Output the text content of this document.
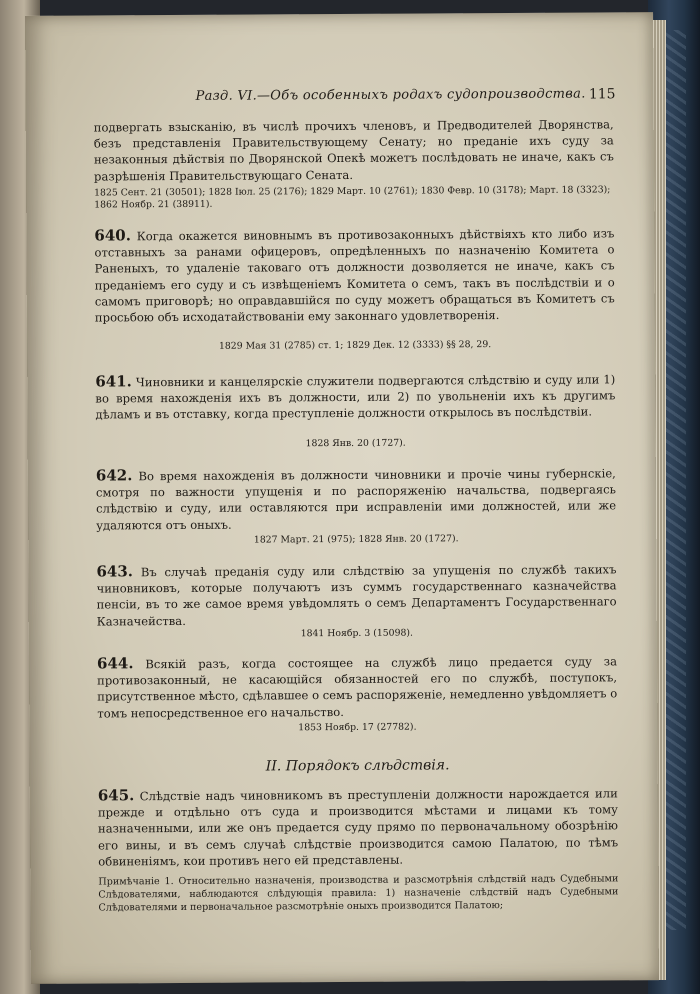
Разд. VI.—Объ особенныхъ родахъ судопроизводства. 115
подвергать взысканію, въ числѣ прочихъ членовъ, и Предводителей Дворянства, безъ представленія Правительствующему Сенату; но преданіе ихъ суду за незаконныя дѣйствія по Дворянской Опекѣ можетъ послѣдовать не иначе, какъ съ разрѣшенія Правительствующаго Сената.
1825 Сент. 21 (30501); 1828 Іюл. 25 (2176); 1829 Март. 10 (2761); 1830 Февр. 10 (3178); Март. 18 (3323); 1862 Ноябр. 21 (38911).
640. Когда окажется виновнымъ въ противозаконныхъ дѣйствіяхъ кто либо изъ отставныхъ за ранами офицеровъ, опредѣленныхъ по назначенію Комитета о Раненыхъ, то удаленіе таковаго отъ должности дозволяется не иначе, какъ съ преданіемъ его суду и съ извѣщеніемъ Комитета о семъ, такъ въ послѣдствіи и о самомъ приговорѣ; но оправдавшійся по суду можетъ обращаться въ Комитетъ съ просьбою объ исходатайствованіи ему законнаго удовлетворенія.
1829 Мая 31 (2785) ст. 1; 1829 Дек. 12 (3333) §§ 28, 29.
641. Чиновники и канцелярскіе служители подвергаются слѣдствію и суду или 1) во время нахожденія ихъ въ должности, или 2) по увольненіи ихъ къ другимъ дѣламъ и въ отставку, когда преступленіе должности открылось въ послѣдствіи.
1828 Янв. 20 (1727).
642. Во время нахожденія въ должности чиновники и прочіе чины губернскіе, смотря по важности упущенія и по распоряженію начальства, подвергаясь слѣдствію и суду, или оставляются при исправленіи ими должностей, или же удаляются отъ оныхъ.
1827 Март. 21 (975); 1828 Янв. 20 (1727).
643. Въ случаѣ преданія суду или слѣдствію за упущенія по службѣ такихъ чиновниковъ, которые получаютъ изъ суммъ государственнаго казначейства пенсіи, въ то же самое время увѣдомлять о семъ Департаментъ Государственнаго Казначейства.
1841 Ноябр. 3 (15098).
644. Всякій разъ, когда состоящее на службѣ лицо предается суду за противозаконный, не касающійся обязанностей его по службѣ, поступокъ, присутственное мѣсто, сдѣлавшее о семъ распоряженіе, немедленно увѣдомляетъ о томъ непосредственное его начальство.
1853 Ноябр. 17 (27782).
II. Порядокъ слѣдствія.
645. Слѣдствіе надъ чиновникомъ въ преступленіи должности нарождается или прежде и отдѣльно отъ суда и производится мѣстами и лицами къ тому назначенными, или же онъ предается суду прямо по первоначальному обозрѣнію его вины, и въ семъ случаѣ слѣдствіе производится самою Палатою, по тѣмъ обвиненіямъ, кои противъ него ей представлены.
Примѣчаніе 1. Относительно назначенія, производства и разсмотрѣнія слѣдствій надъ Судебными Слѣдователями, наблюдаются слѣдующія правила: 1) назначеніе слѣдствій надъ Судебными Слѣдователями и первоначальное разсмотрѣніе оныхъ производится Палатою;
